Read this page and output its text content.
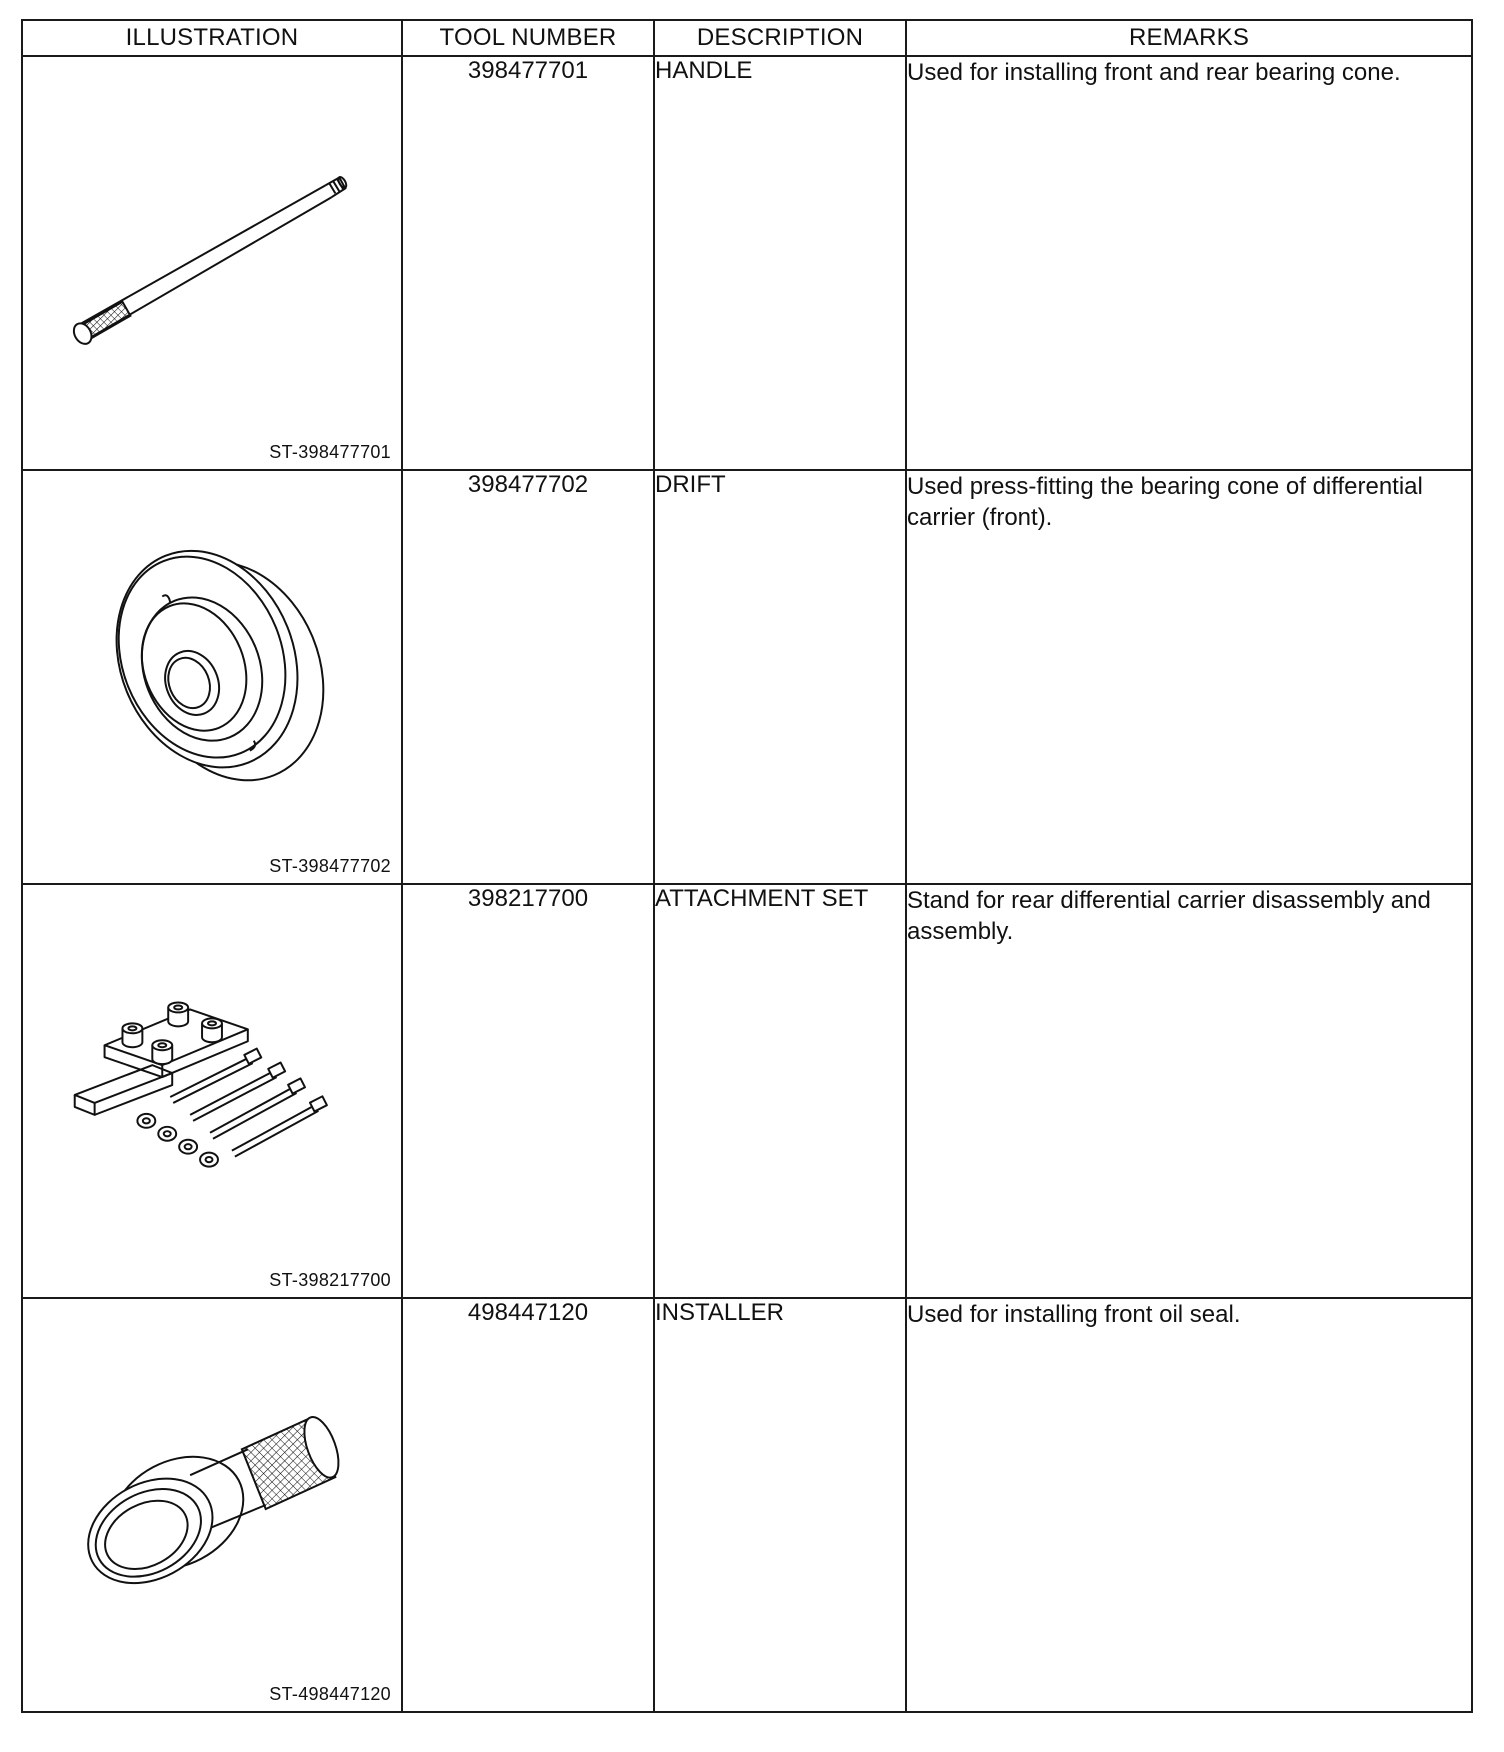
ILLUSTRATION	TOOL NUMBER	DESCRIPTION	REMARKS

ST-398477701	398477701	HANDLE	Used for installing front and rear bearing cone.

ST-398477702	398477702	DRIFT	Used press-fitting the bearing cone of differential carrier (front).

ST-398217700	398217700	ATTACHMENT SET	Stand for rear differential carrier disassembly and assembly.

ST-498447120	498447120	INSTALLER	Used for installing front oil seal.
